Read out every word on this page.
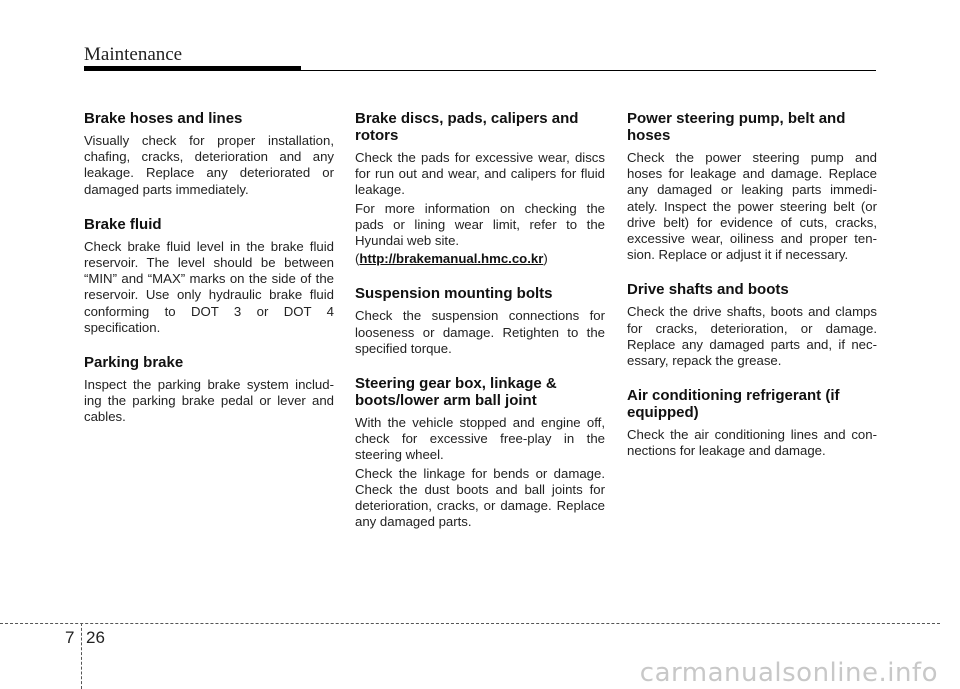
Maintenance
Brake hoses and lines

Visually check for proper installation, chafing, cracks, deterioration and any leakage. Replace any deteriorated or damaged parts immediately.

Brake fluid

Check brake fluid level in the brake fluid reservoir. The level should be between “MIN” and “MAX” marks on the side of the reservoir. Use only hydraulic brake fluid conforming to DOT 3 or DOT 4 specification.

Parking brake

Inspect the parking brake system includ-ing the parking brake pedal or lever and cables.

Brake discs, pads, calipers and rotors

Check the pads for excessive wear, discs for run out and wear, and calipers for fluid leakage.

For more information on checking the pads or lining wear limit, refer to the Hyundai web site.

(http://brakemanual.hmc.co.kr)

Suspension mounting bolts

Check the suspension connections for looseness or damage. Retighten to the specified torque.

Steering gear box, linkage & boots/lower arm ball joint

With the vehicle stopped and engine off, check for excessive free-play in the steering wheel.

Check the linkage for bends or damage. Check the dust boots and ball joints for deterioration, cracks, or damage. Replace any damaged parts.

Power steering pump, belt and hoses

Check the power steering pump and hoses for leakage and damage. Replace any damaged or leaking parts immedi-ately. Inspect the power steering belt (or drive belt) for evidence of cuts, cracks, excessive wear, oiliness and proper ten-sion. Replace or adjust it if necessary.

Drive shafts and boots

Check the drive shafts, boots and clamps for cracks, deterioration, or damage. Replace any damaged parts and, if nec-essary, repack the grease.

Air conditioning refrigerant (if equipped)

Check the air conditioning lines and con-nections for leakage and damage.

7 26
carmanualsonline.info
